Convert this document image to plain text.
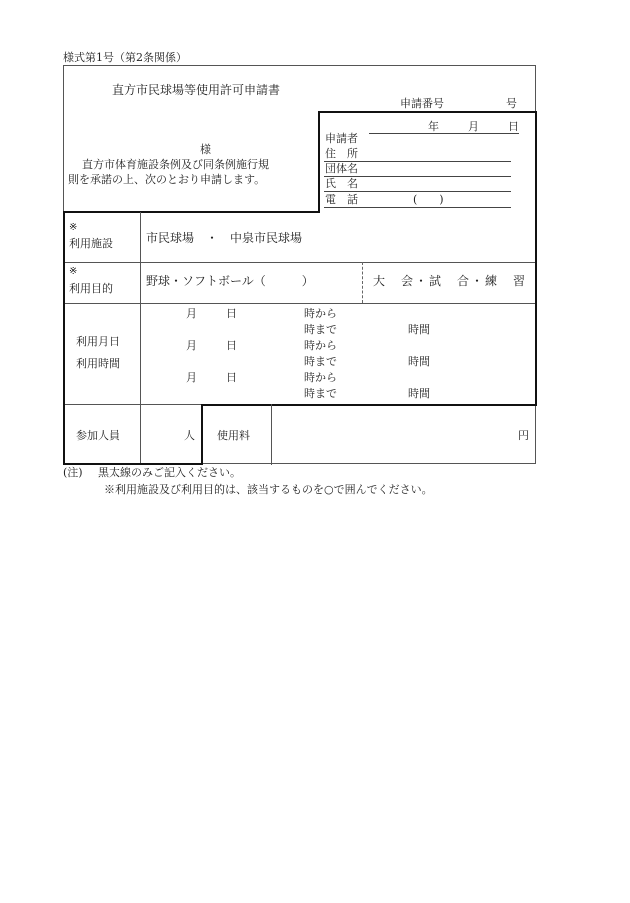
様式第1号（第2条関係）
直方市民球場等使用許可申請書
申請番号	号
年	月	日
様
直方市体育施設条例及び同条例施行規
則を承諾の上、次のとおり申請します。
申請者
住　所
団体名
氏　名
電　話	(　　)
※
利用施設	市民球場　・　中泉市民球場
※
利用目的
野球・ソフトボール（　　　）	大　会・試　合・練　習
利用月日
利用時間
月	日	時から
時まで	時間
月	日	時から
時まで	時間
月	日	時から
時まで	時間
参加人員	人 使用料	円
(注) 黒太線のみご記入ください。
※利用施設及び利用目的は、該当するものを○で囲んでください。
